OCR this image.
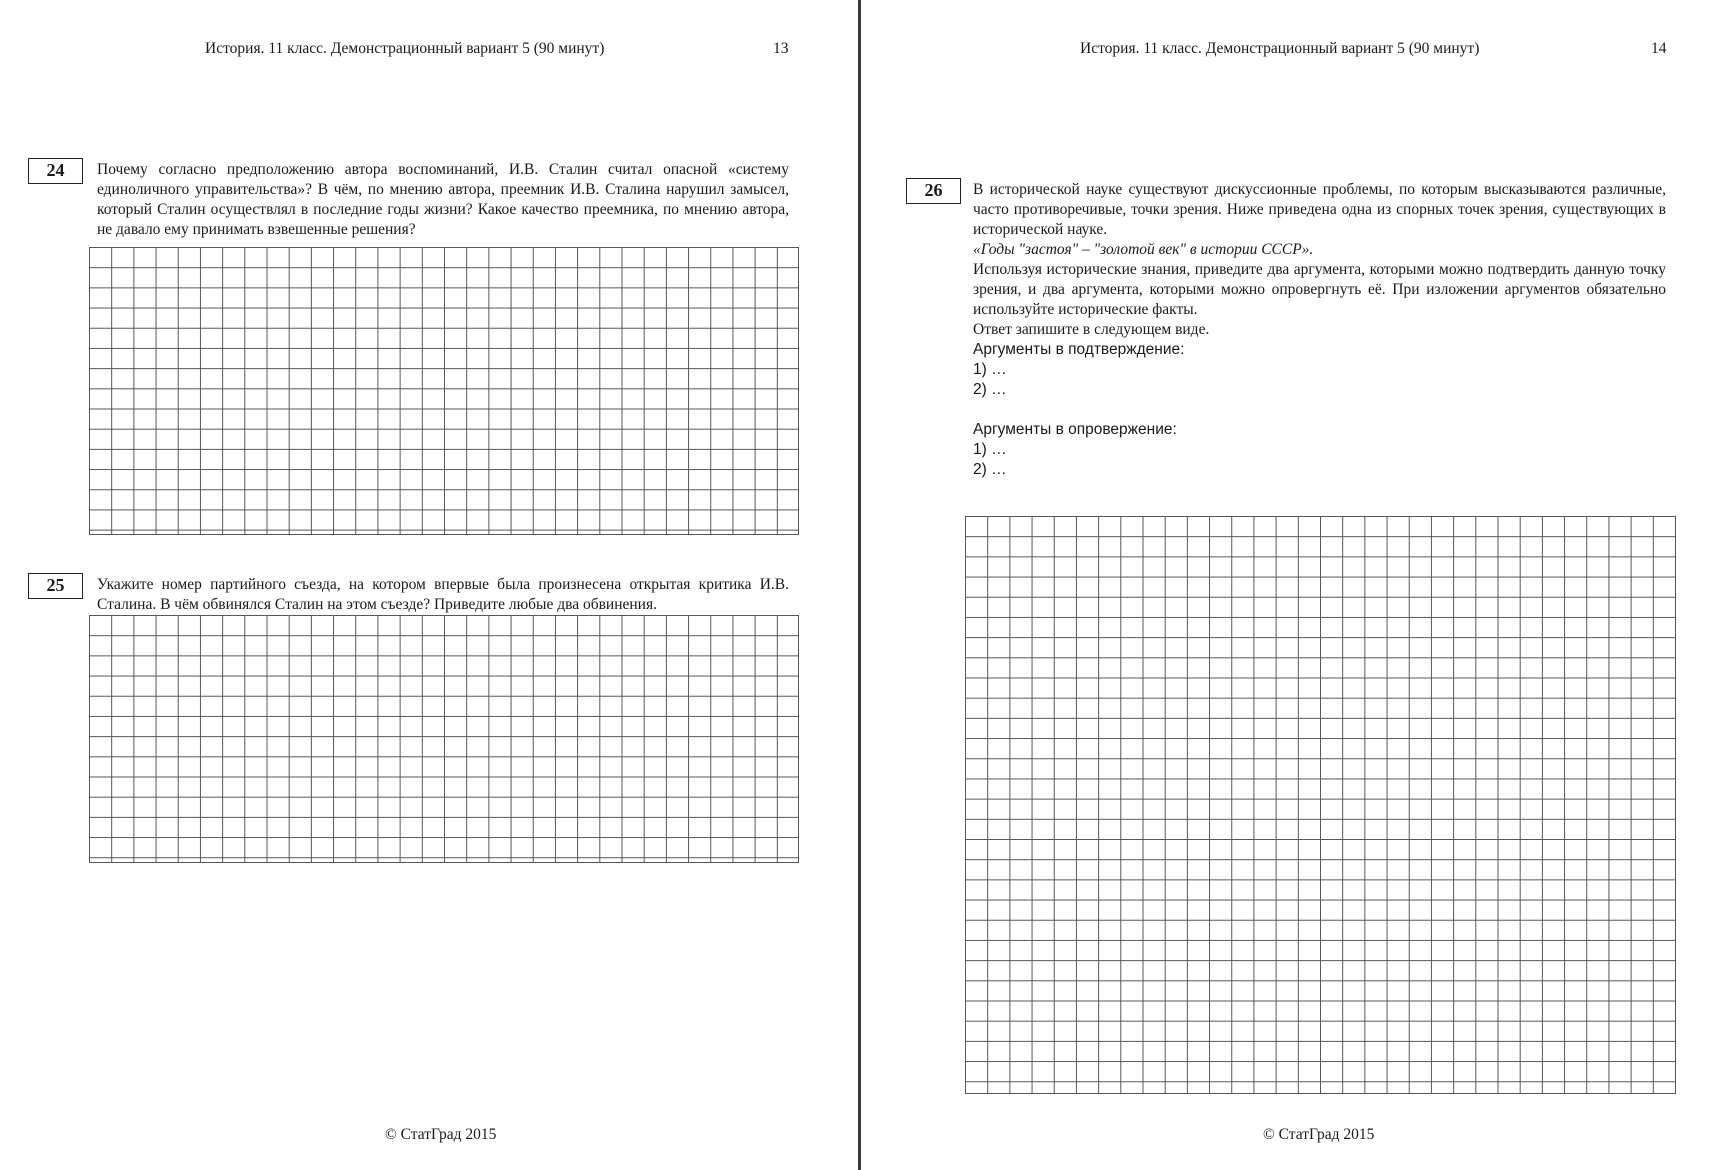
История. 11 класс. Демонстрационный вариант 5 (90 минут)	13
24	Почему согласно предположению автора воспоминаний, И.В. Сталин считал опасной «систему единоличного управительства»? В чём, по мнению автора, преемник И.В. Сталина нарушил замысел, который Сталин осуществлял в последние годы жизни? Какое качество преемника, по мнению автора, не давало ему принимать взвешенные решения?
25	Укажите номер партийного съезда, на котором впервые была произнесена открытая критика И.В. Сталина. В чём обвинялся Сталин на этом съезде? Приведите любые два обвинения.
© СтатГрад 2015
История. 11 класс. Демонстрационный вариант 5 (90 минут)	14
26	В исторической науке существуют дискуссионные проблемы, по которым высказываются различные, часто противоречивые, точки зрения. Ниже приведена одна из спорных точек зрения, существующих в исторической науке.

«Годы "застоя" – "золотой век" в истории СССР».

Используя исторические знания, приведите два аргумента, которыми можно подтвердить данную точку зрения, и два аргумента, которыми можно опровергнуть её. При изложении аргументов обязательно используйте исторические факты.

Ответ запишите в следующем виде.

Аргументы в подтверждение:

1) …

2) …

Аргументы в опровержение:

1) …

2) …

© СтатГрад 2015
